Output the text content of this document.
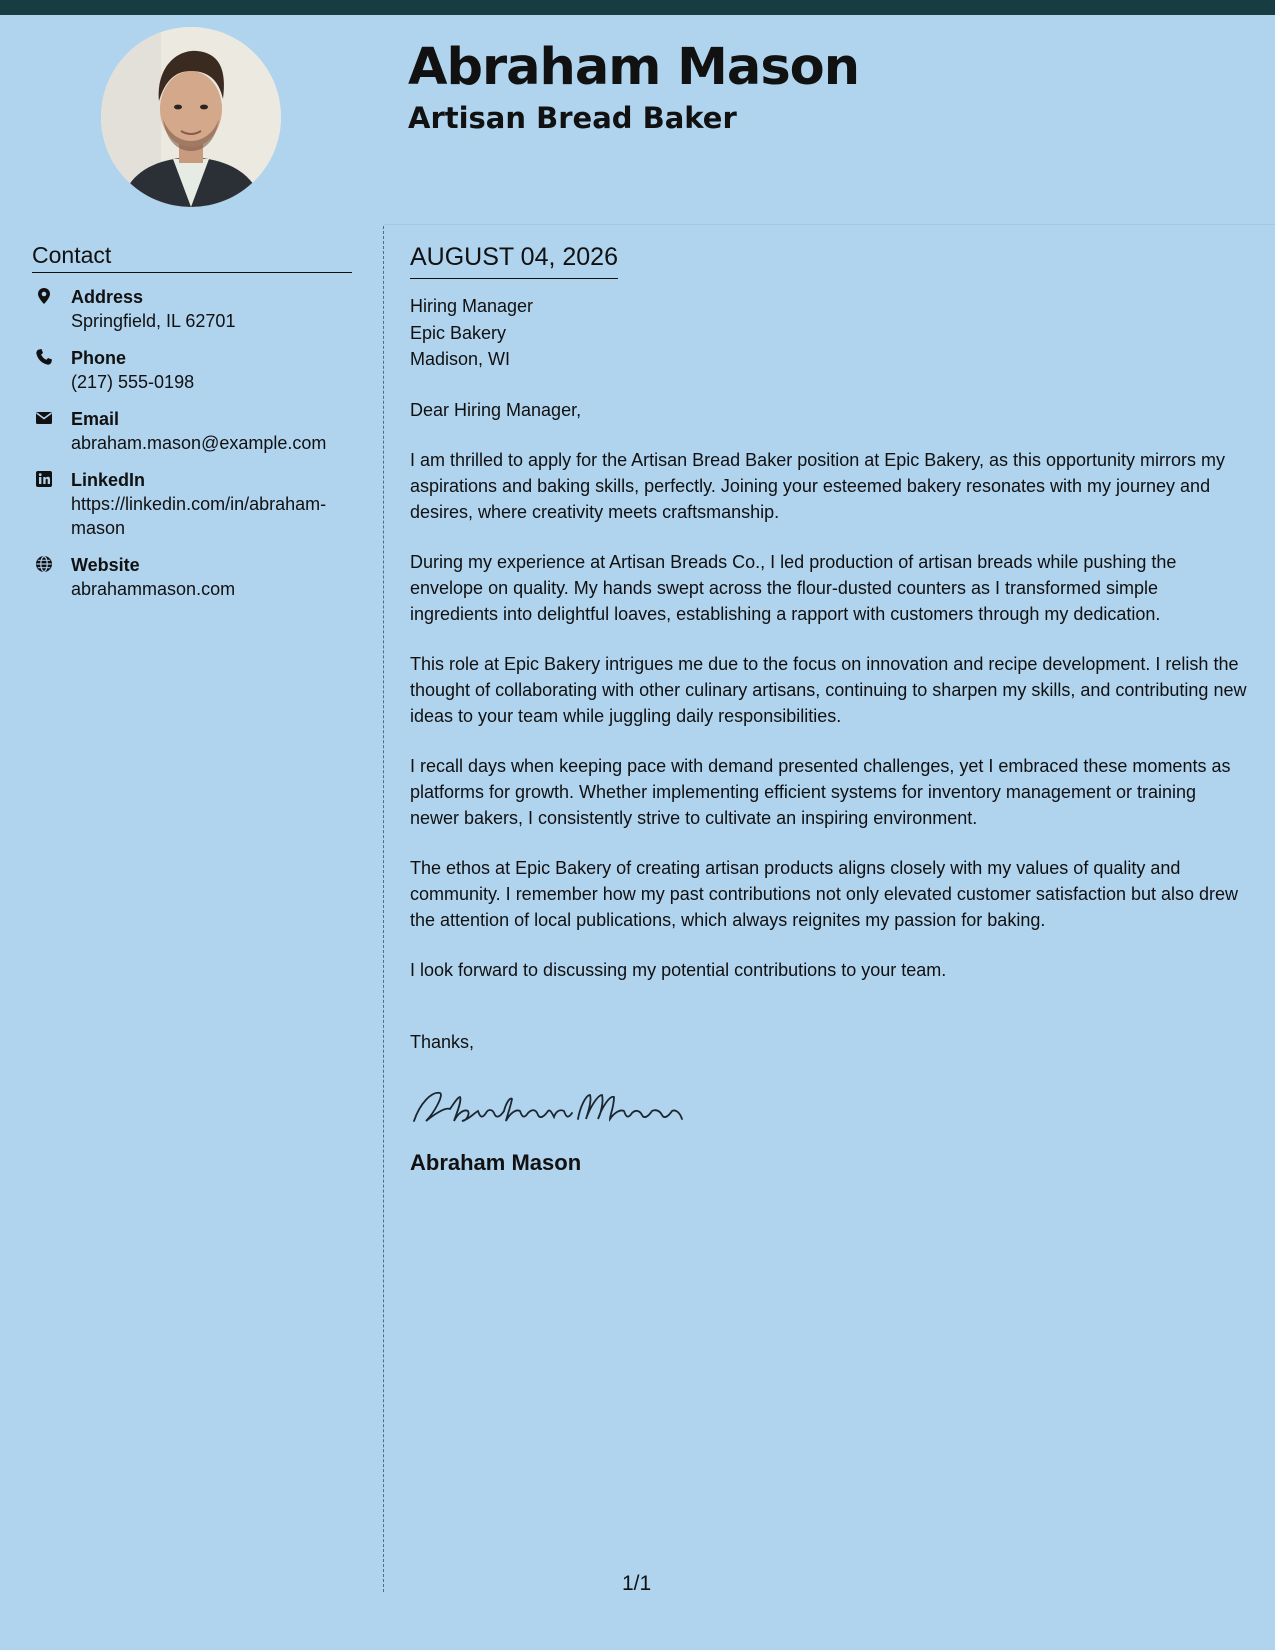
Abraham Mason
Artisan Bread Baker
Contact
Address
Springfield, IL 62701
Phone
(217) 555-0198
Email
abraham.mason@example.com
LinkedIn
https://linkedin.com/in/abraham-mason
Website
abrahammason.com
AUGUST 04, 2026
Hiring Manager
Epic Bakery
Madison, WI

Dear Hiring Manager,

I am thrilled to apply for the Artisan Bread Baker position at Epic Bakery, as this opportunity mirrors my aspirations and baking skills, perfectly. Joining your esteemed bakery resonates with my journey and desires, where creativity meets craftsmanship.

During my experience at Artisan Breads Co., I led production of artisan breads while pushing the envelope on quality. My hands swept across the flour-dusted counters as I transformed simple ingredients into delightful loaves, establishing a rapport with customers through my dedication.

This role at Epic Bakery intrigues me due to the focus on innovation and recipe development. I relish the thought of collaborating with other culinary artisans, continuing to sharpen my skills, and contributing new ideas to your team while juggling daily responsibilities.

I recall days when keeping pace with demand presented challenges, yet I embraced these moments as platforms for growth. Whether implementing efficient systems for inventory management or training newer bakers, I consistently strive to cultivate an inspiring environment.

The ethos at Epic Bakery of creating artisan products aligns closely with my values of quality and community. I remember how my past contributions not only elevated customer satisfaction but also drew the attention of local publications, which always reignites my passion for baking.

I look forward to discussing my potential contributions to your team.

Thanks,

Abraham Mason

1/1
